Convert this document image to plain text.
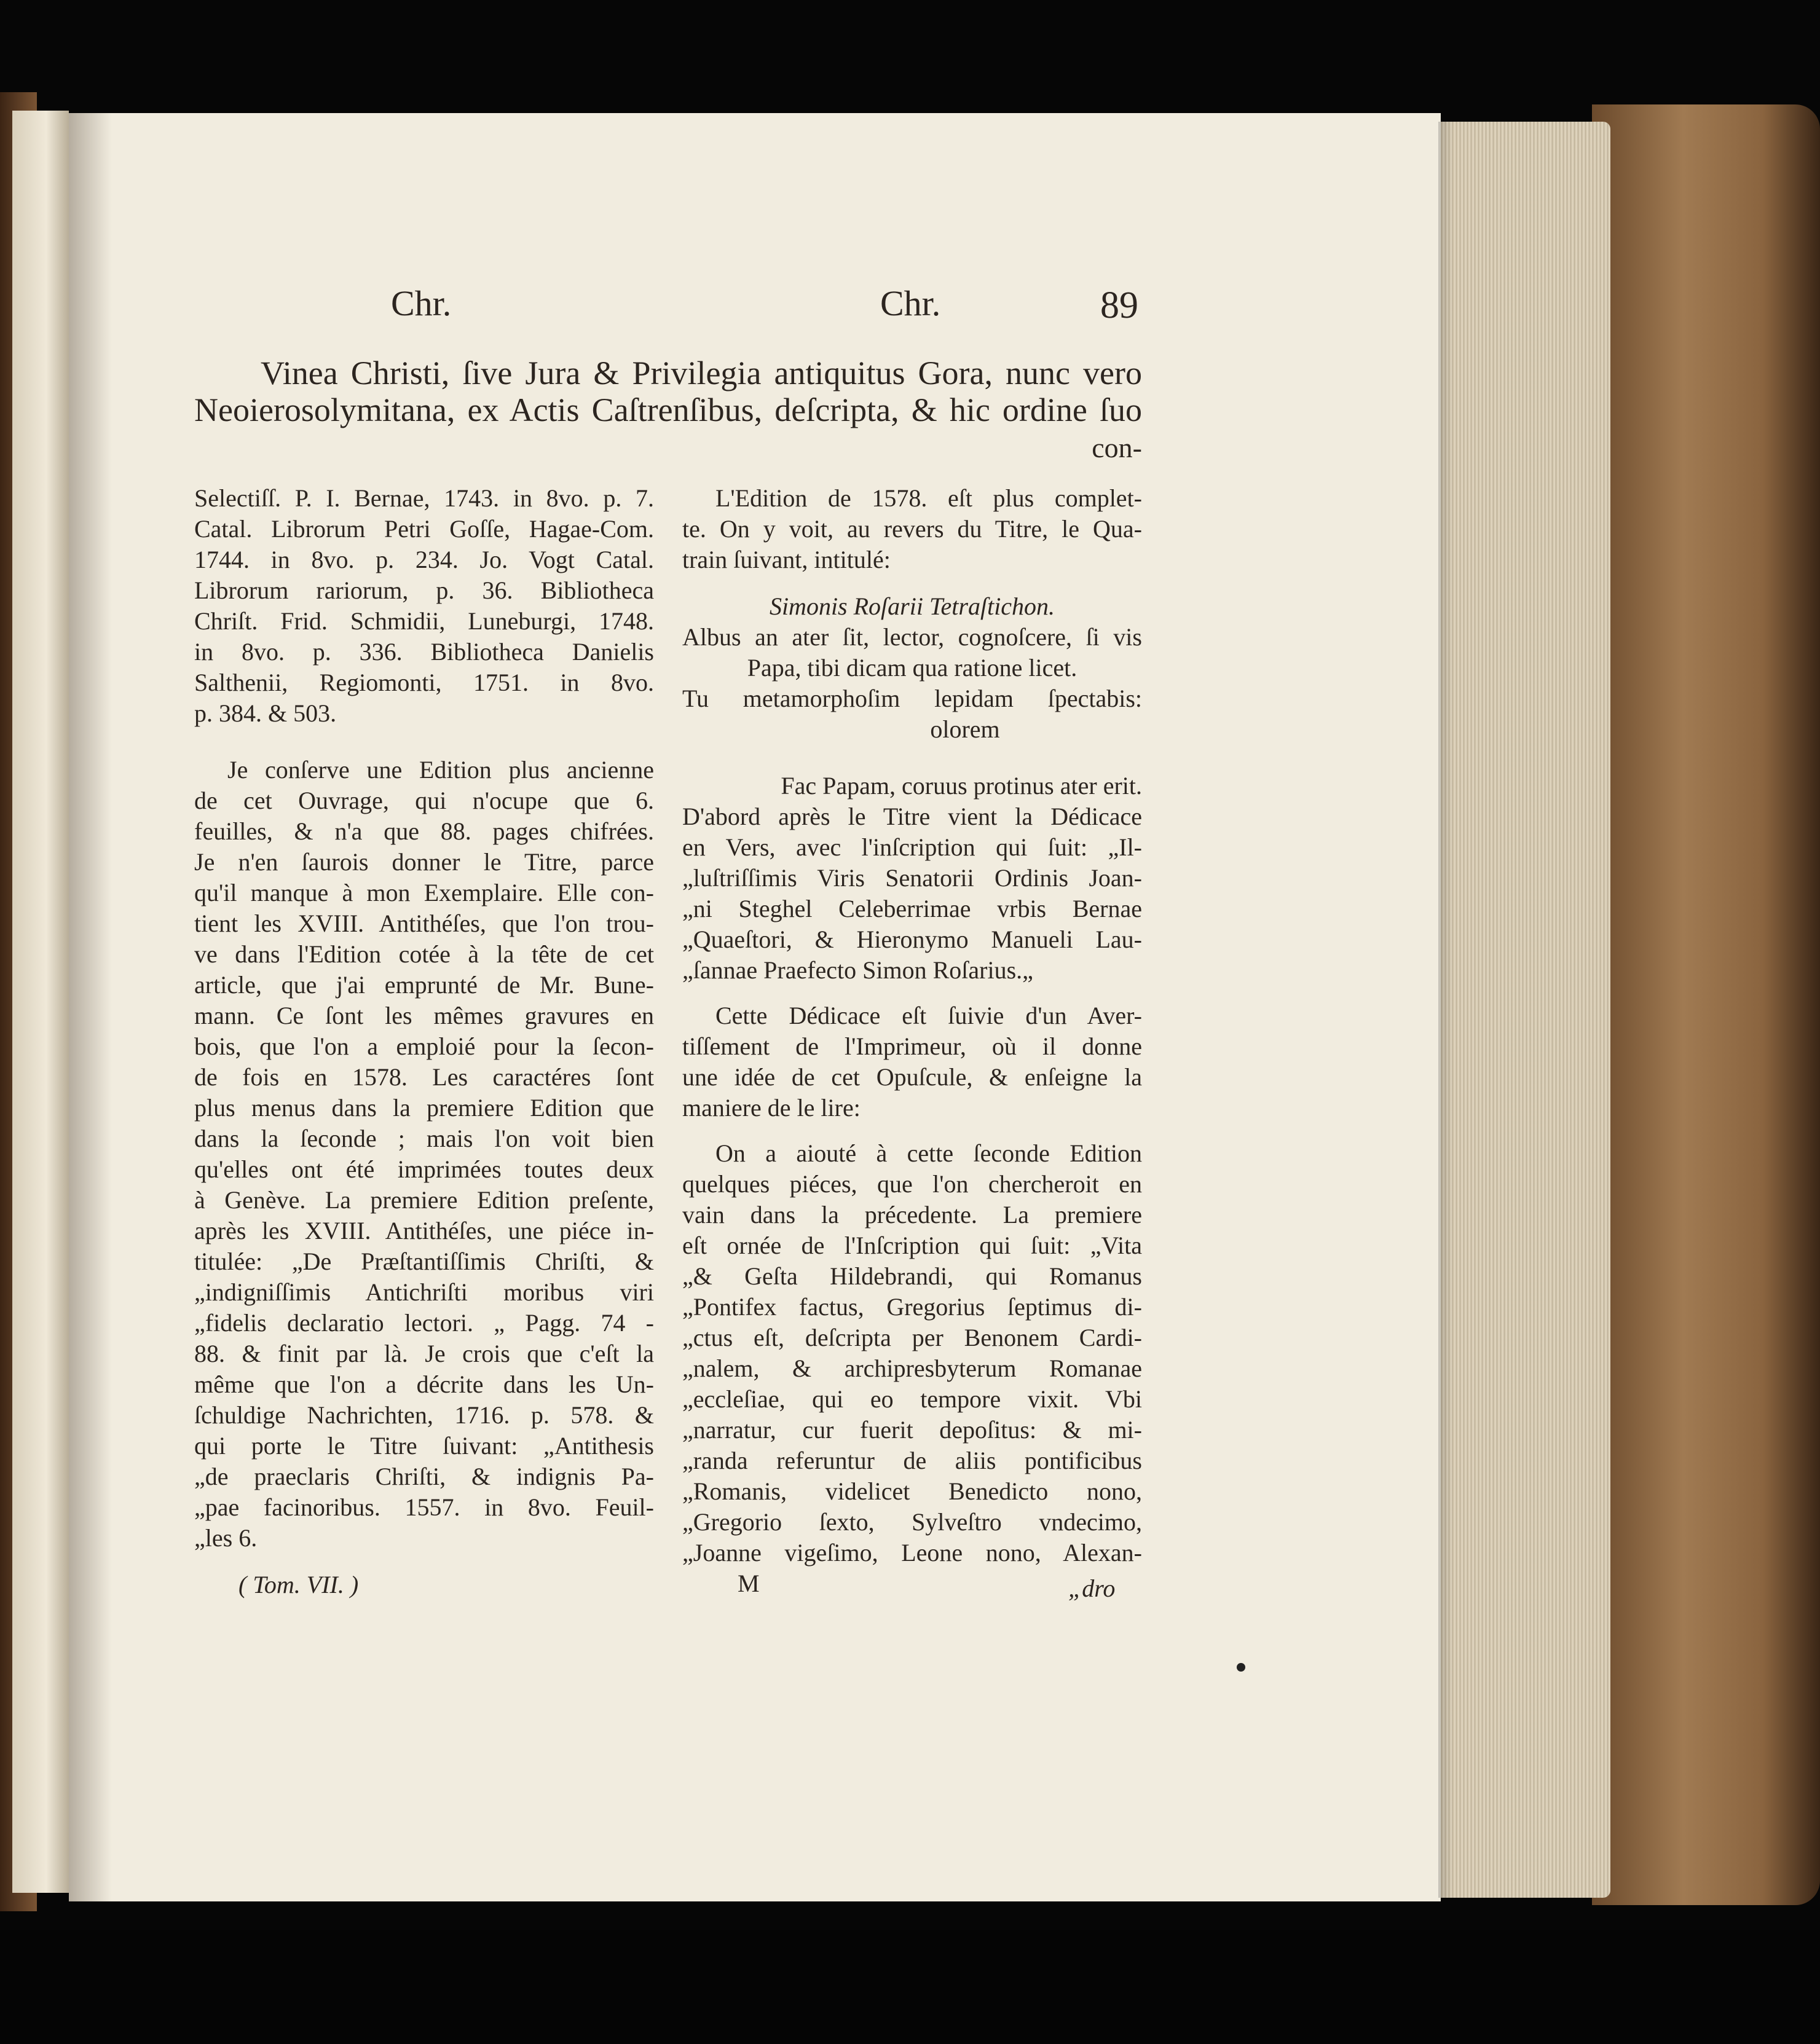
Chr.	Chr.	89
Vinea Christi, ſive Jura & Privilegia antiquitus Gora, nunc vero
Neoierosolymitana, ex Actis Caſtrenſibus, deſcripta, & hic ordine ſuo
con-
Selectiſſ. P. I. Bernae, 1743. in 8vo. p. 7.
Catal. Librorum Petri Goſſe, Hagae-Com.
1744. in 8vo. p. 234. Jo. Vogt Catal.
Librorum rariorum, p. 36. Bibliotheca
Chriſt. Frid. Schmidii, Luneburgi, 1748.
in 8vo. p. 336. Bibliotheca Danielis
Salthenii, Regiomonti, 1751. in 8vo.
p. 384. & 503.
Je conſerve une Edition plus ancienne
de cet Ouvrage, qui n'ocupe que 6.
feuilles, & n'a que 88. pages chifrées.
Je n'en ſaurois donner le Titre, parce
qu'il manque à mon Exemplaire. Elle con-
tient les XVIII. Antithéſes, que l'on trou-
ve dans l'Edition cotée à la tête de cet
article, que j'ai emprunté de Mr. Bune-
mann. Ce ſont les mêmes gravures en
bois, que l'on a emploié pour la ſecon-
de fois en 1578. Les caractéres ſont
plus menus dans la premiere Edition que
dans la ſeconde ; mais l'on voit bien
qu'elles ont été imprimées toutes deux
à Genève. La premiere Edition preſente,
après les XVIII. Antithéſes, une piéce in-
titulée: „De Præſtantiſſimis Chriſti, &
„indigniſſimis Antichriſti moribus viri
„fidelis declaratio lectori. „ Pagg. 74 -
88. & finit par là. Je crois que c'eſt la
même que l'on a décrite dans les Un-
ſchuldige Nachrichten, 1716. p. 578. &
qui porte le Titre ſuivant: „Antithesis
„de praeclaris Chriſti, & indignis Pa-
„pae facinoribus. 1557. in 8vo. Feuil-
„les 6.
( Tom. VII. )
L'Edition de 1578. eſt plus complet-
te. On y voit, au revers du Titre, le Qua-
train ſuivant, intitulé:
Simonis Roſarii Tetraſtichon.
Albus an ater ſit, lector, cognoſcere, ſi vis
Papa, tibi dicam qua ratione licet.
Tu metamorphoſim lepidam ſpectabis:
olorem
Fac Papam, coruus protinus ater erit.
D'abord après le Titre vient la Dédicace
en Vers, avec l'inſcription qui ſuit: „Il-
„luſtriſſimis Viris Senatorii Ordinis Joan-
„ni Steghel Celeberrimae vrbis Bernae
„Quaeſtori, & Hieronymo Manueli Lau-
„ſannae Praefecto Simon Roſarius.„
Cette Dédicace eſt ſuivie d'un Aver-
tiſſement de l'Imprimeur, où il donne
une idée de cet Opuſcule, & enſeigne la
maniere de le lire:
On a aiouté à cette ſeconde Edition
quelques piéces, que l'on chercheroit en
vain dans la précedente. La premiere
eſt ornée de l'Inſcription qui ſuit: „Vita
„& Geſta Hildebrandi, qui Romanus
„Pontifex factus, Gregorius ſeptimus di-
„ctus eſt, deſcripta per Benonem Cardi-
„nalem, & archipresbyterum Romanae
„eccleſiae, qui eo tempore vixit. Vbi
„narratur, cur fuerit depoſitus: & mi-
„randa referuntur de aliis pontificibus
„Romanis, videlicet Benedicto nono,
„Gregorio ſexto, Sylveſtro vndecimo,
„Joanne vigeſimo, Leone nono, Alexan-
M	„dro
